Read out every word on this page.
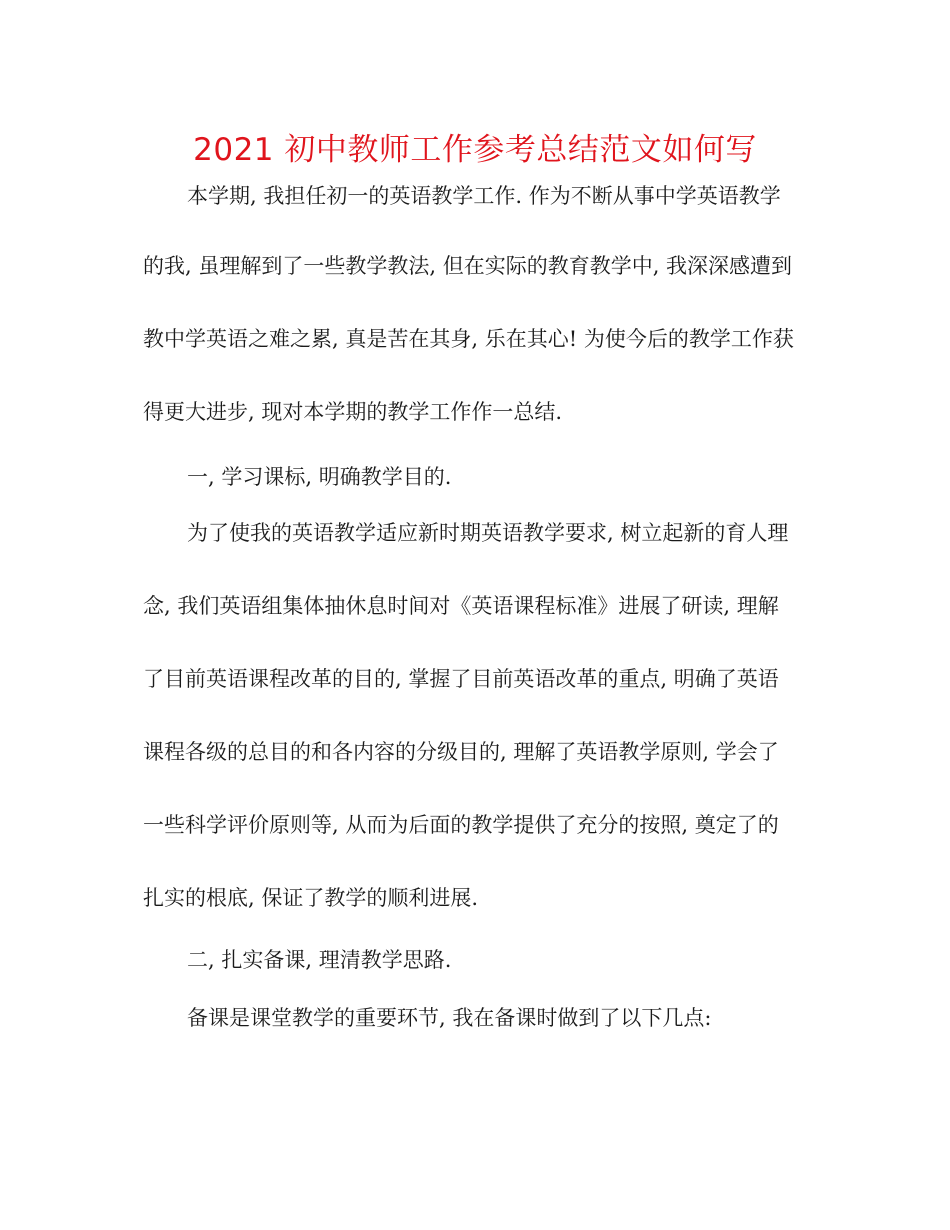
2021 初中教师工作参考总结范文如何写
本学期, 我担任初一的英语教学工作. 作为不断从事中学英语教学
的我, 虽理解到了一些教学教法, 但在实际的教育教学中, 我深深感遭到
教中学英语之难之累, 真是苦在其身, 乐在其心! 为使今后的教学工作获
得更大进步, 现对本学期的教学工作作一总结.
一, 学习课标, 明确教学目的.
为了使我的英语教学适应新时期英语教学要求, 树立起新的育人理
念, 我们英语组集体抽休息时间对《英语课程标准》进展了研读, 理解
了目前英语课程改革的目的, 掌握了目前英语改革的重点, 明确了英语
课程各级的总目的和各内容的分级目的, 理解了英语教学原则, 学会了
一些科学评价原则等, 从而为后面的教学提供了充分的按照, 奠定了的
扎实的根底, 保证了教学的顺利进展.
二, 扎实备课, 理清教学思路.
备课是课堂教学的重要环节, 我在备课时做到了以下几点:
